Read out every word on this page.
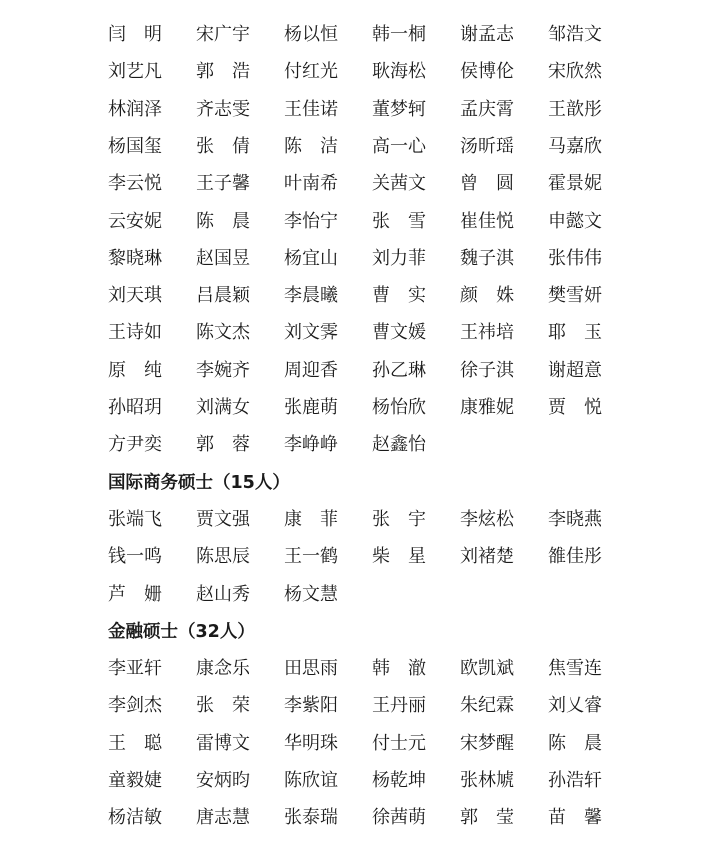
闫　明 宋广宇 杨以恒 韩一桐 谢孟志 邹浩文
刘艺凡 郭　浩 付红光 耿海松 侯博伦 宋欣然
林润泽 齐志雯 王佳诺 董梦轲 孟庆霄 王歆彤
杨国玺 张　倩 陈　洁 高一心 汤昕瑶 马嘉欣
李云悦 王子馨 叶南希 关茜文 曾　圆 霍景妮
云安妮 陈　晨 李怡宁 张　雪 崔佳悦 申懿文
黎晓琳 赵国昱 杨宜山 刘力菲 魏子淇 张伟伟
刘天琪 吕晨颖 李晨曦 曹　实 颜　姝 樊雪妍
王诗如 陈文杰 刘文霁 曹文媛 王祎培 耶　玉
原　纯 李婉齐 周迎香 孙乙琳 徐子淇 谢超意
孙昭玥 刘满女 张鹿萌 杨怡欣 康雅妮 贾　悦
方尹奕 郭　蓉 李峥峥 赵鑫怡
国际商务硕士（15人）
张端飞 贾文强 康　菲 张　宇 李炫松 李晓燕
钱一鸣 陈思辰 王一鹤 柴　星 刘褚楚 雒佳彤
芦　姗 赵山秀 杨文慧
金融硕士（32人）
李亚轩 康念乐 田思雨 韩　澈 欧凯斌 焦雪连
李剑杰 张　荣 李紫阳 王丹丽 朱纪霖 刘乂睿
王　聪 雷博文 华明珠 付士元 宋梦醒 陈　晨
童毅婕 安炳昀 陈欣谊 杨乾坤 张林虓 孙浩轩
杨洁敏 唐志慧 张泰瑞 徐茜萌 郭　莹 苗　馨
